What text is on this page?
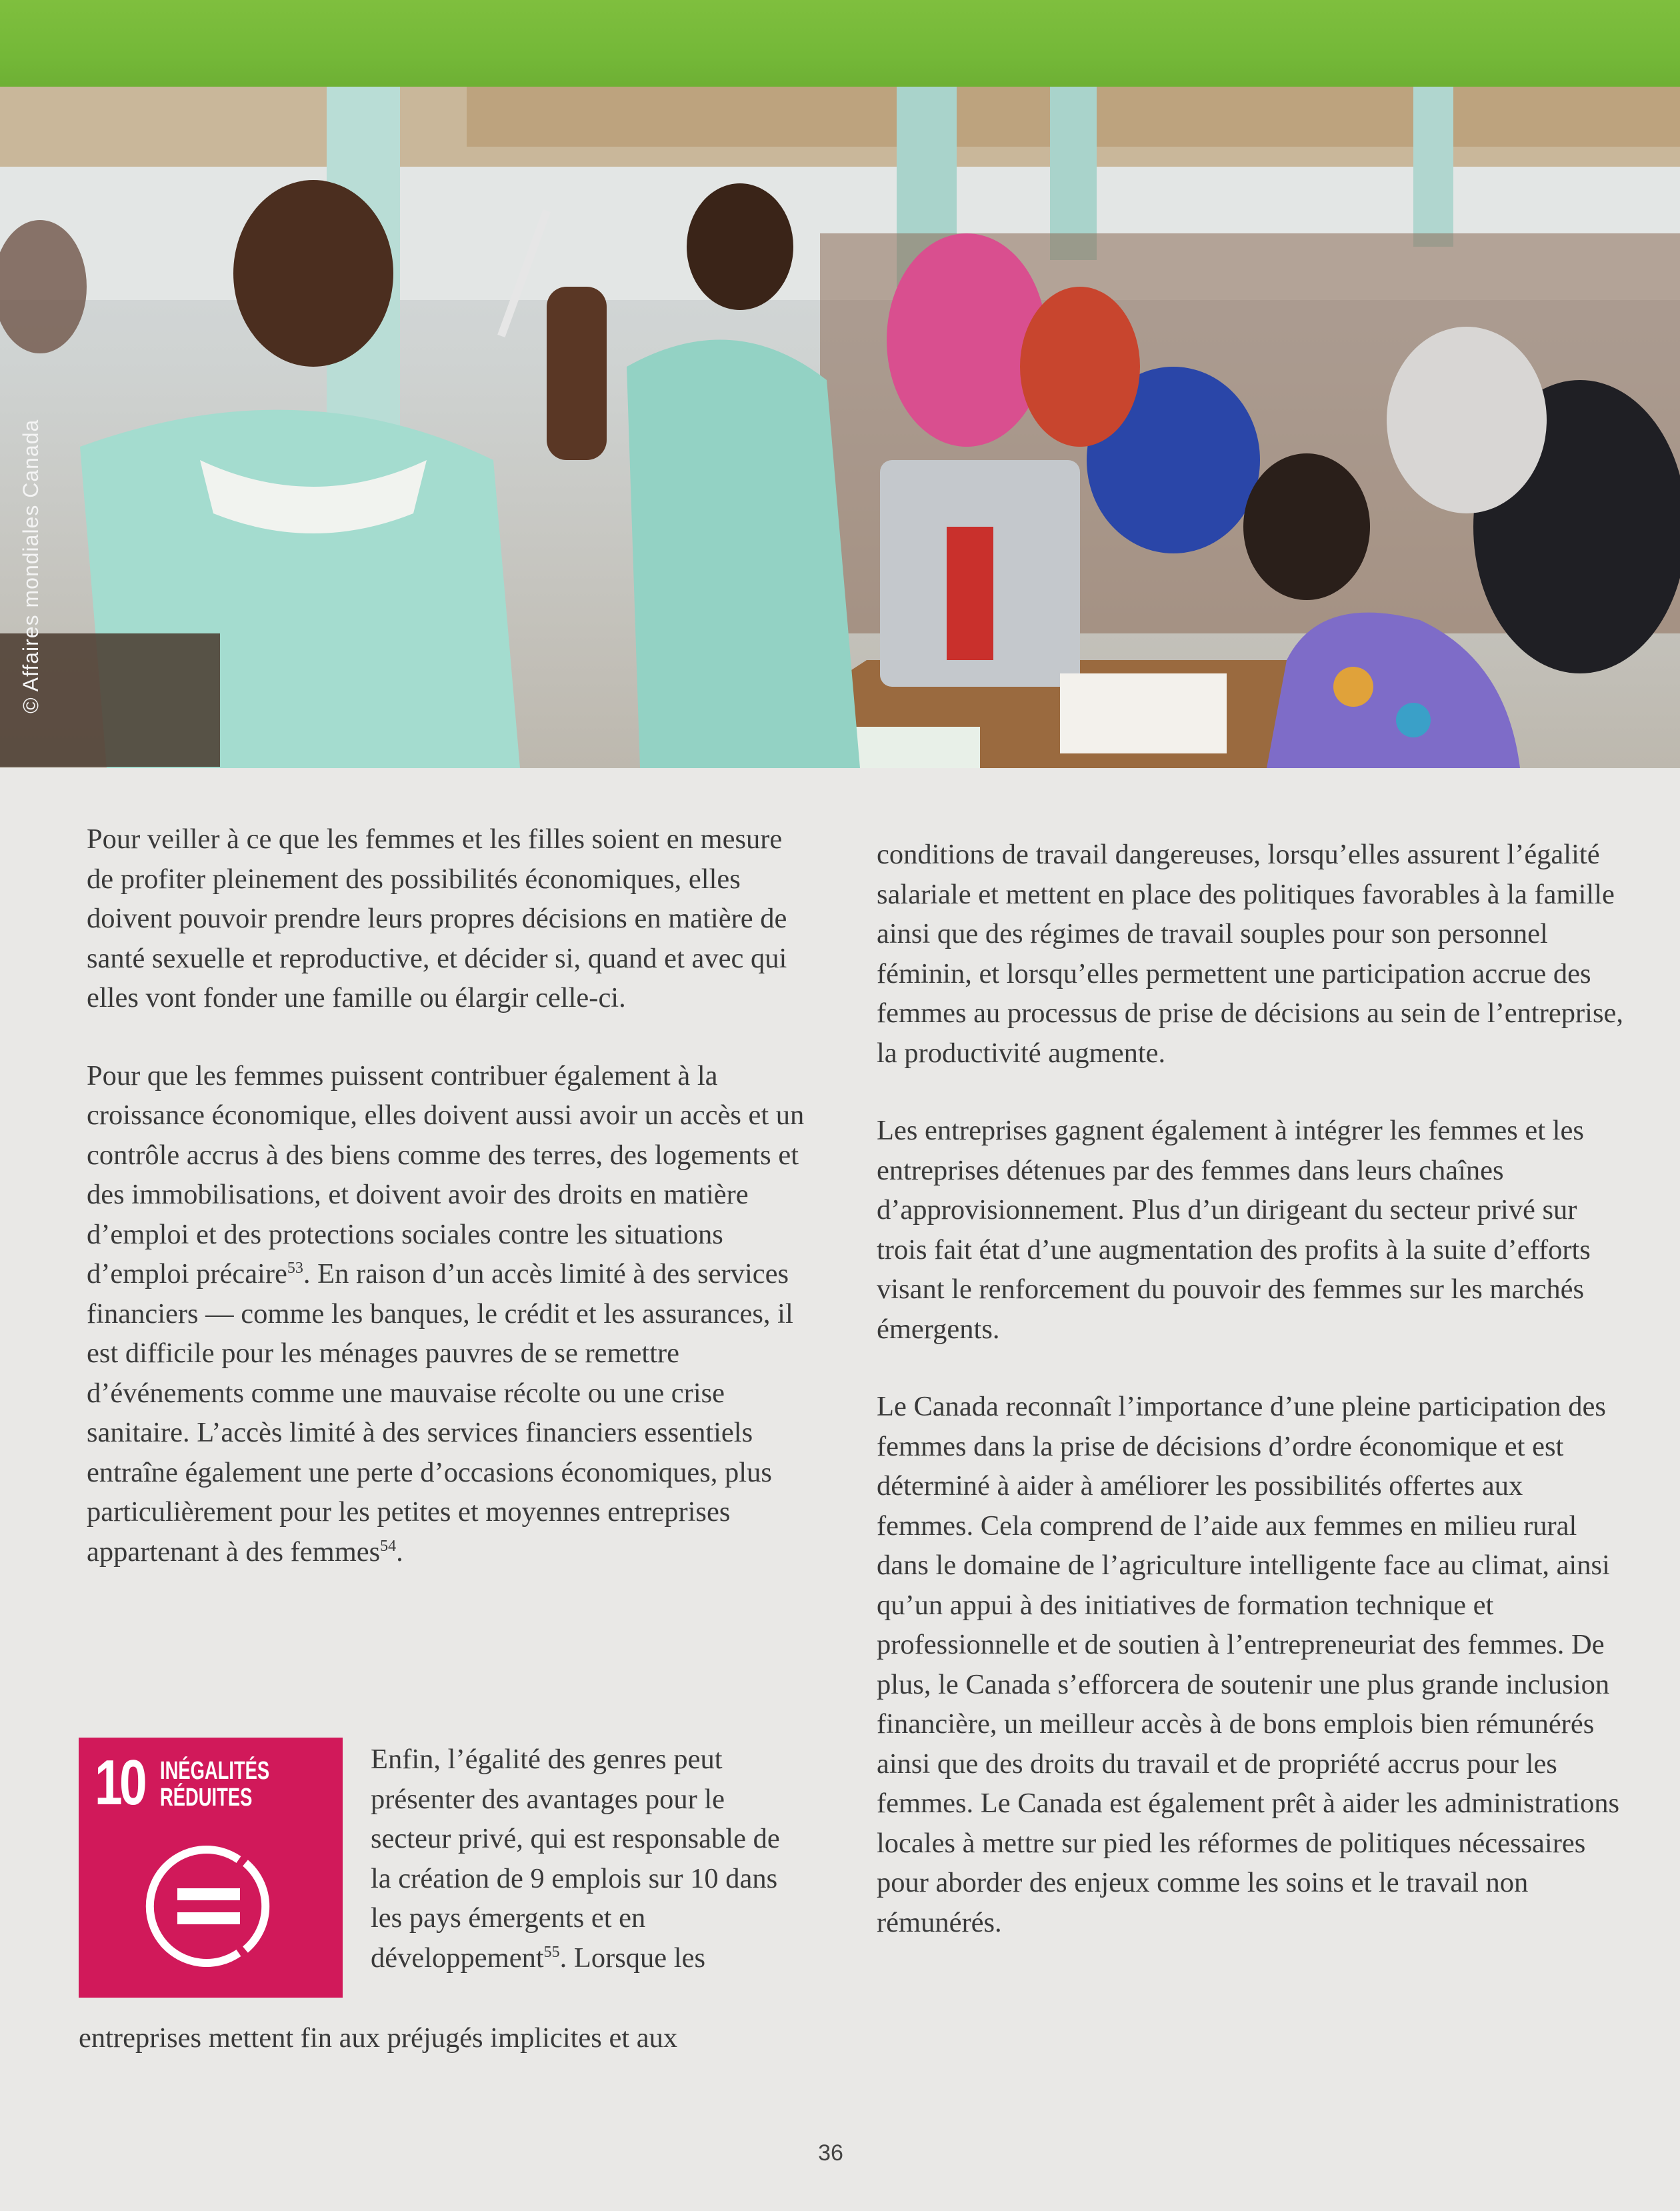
© Affaires mondiales Canada

Pour veiller à ce que les femmes et les filles soient en mesure de profiter pleinement des possibilités économiques, elles doivent pouvoir prendre leurs propres décisions en matière de santé sexuelle et reproductive, et décider si, quand et avec qui elles vont fonder une famille ou élargir celle-ci.

Pour que les femmes puissent contribuer également à la croissance économique, elles doivent aussi avoir un accès et un contrôle accrus à des biens comme des terres, des logements et des immobilisations, et doivent avoir des droits en matière d’emploi et des protections sociales contre les situations d’emploi précaire$^{53}$. En raison d’un accès limité à des services financiers — comme les banques, le crédit et les assurances, il est difficile pour les ménages pauvres de se remettre d’événements comme une mauvaise récolte ou une crise sanitaire. L’accès limité à des services financiers essentiels entraîne également une perte d’occasions économiques, plus particulièrement pour les petites et moyennes entreprises appartenant à des femmes$^{54}$.

10 INÉGALITÉS
RÉDUITES
Enfin, l’égalité des genres peut présenter des avantages pour le secteur privé, qui est responsable de la création de 9 emplois sur 10 dans les pays émergents et en développement$^{55}$. Lorsque les
entreprises mettent fin aux préjugés implicites et aux

conditions de travail dangereuses, lorsqu’elles assurent l’égalité salariale et mettent en place des politiques favorables à la famille ainsi que des régimes de travail souples pour son personnel féminin, et lorsqu’elles permettent une participation accrue des femmes au processus de prise de décisions au sein de l’entreprise, la productivité augmente.

Les entreprises gagnent également à intégrer les femmes et les entreprises détenues par des femmes dans leurs chaînes d’approvisionnement. Plus d’un dirigeant du secteur privé sur trois fait état d’une augmentation des profits à la suite d’efforts visant le renforcement du pouvoir des femmes sur les marchés émergents.

Le Canada reconnaît l’importance d’une pleine participation des femmes dans la prise de décisions d’ordre économique et est déterminé à aider à améliorer les possibilités offertes aux femmes. Cela comprend de l’aide aux femmes en milieu rural dans le domaine de l’agriculture intelligente face au climat, ainsi qu’un appui à des initiatives de formation technique et professionnelle et de soutien à l’entrepreneuriat des femmes. De plus, le Canada s’efforcera de soutenir une plus grande inclusion financière, un meilleur accès à de bons emplois bien rémunérés ainsi que des droits du travail et de propriété accrus pour les femmes. Le Canada est également prêt à aider les administrations locales à mettre sur pied les réformes de politiques nécessaires pour aborder des enjeux comme les soins et le travail non rémunérés.

36
